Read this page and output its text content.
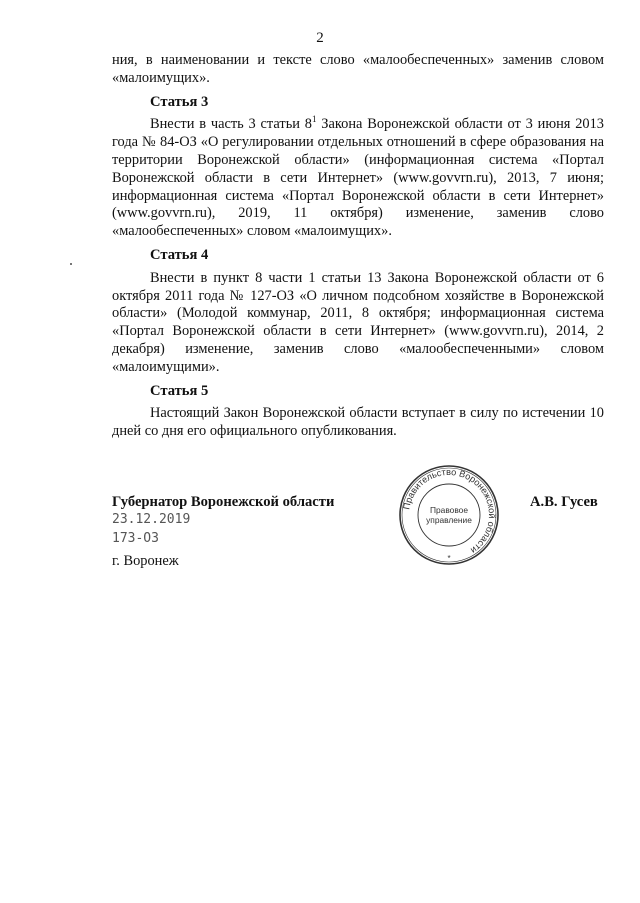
2

ния, в наименовании и тексте слово «малообеспеченных» заменив словом «малоимущих».

Статья 3

Внести в часть 3 статьи $8^1$ Закона Воронежской области от 3 июня 2013 года № 84-ОЗ «О регулировании отдельных отношений в сфере образования на территории Воронежской области» (информационная система «Портал Воронежской области в сети Интернет» (www.govvrn.ru), 2013, 7 июня; информационная система «Портал Воронежской области в сети Интернет» (www.govvrn.ru), 2019, 11 октября) изменение, заменив слово «малообеспеченных» словом «малоимущих».

Статья 4

Внести в пункт 8 части 1 статьи 13 Закона Воронежской области от 6 октября 2011 года № 127-ОЗ «О личном подсобном хозяйстве в Воронежской области» (Молодой коммунар, 2011, 8 октября; информационная система «Портал Воронежской области в сети Интернет» (www.govvrn.ru), 2014, 2 декабря) изменение, заменив слово «малообеспеченными» словом «малоимущими».

Статья 5

Настоящий Закон Воронежской области вступает в силу по истечении 10 дней со дня его официального опубликования.

Губернатор Воронежской области
23.12.2019
173-ОЗ
г. Воронеж
А.В. Гусев
Правительство Воронежской области
Правовое
управление
*
